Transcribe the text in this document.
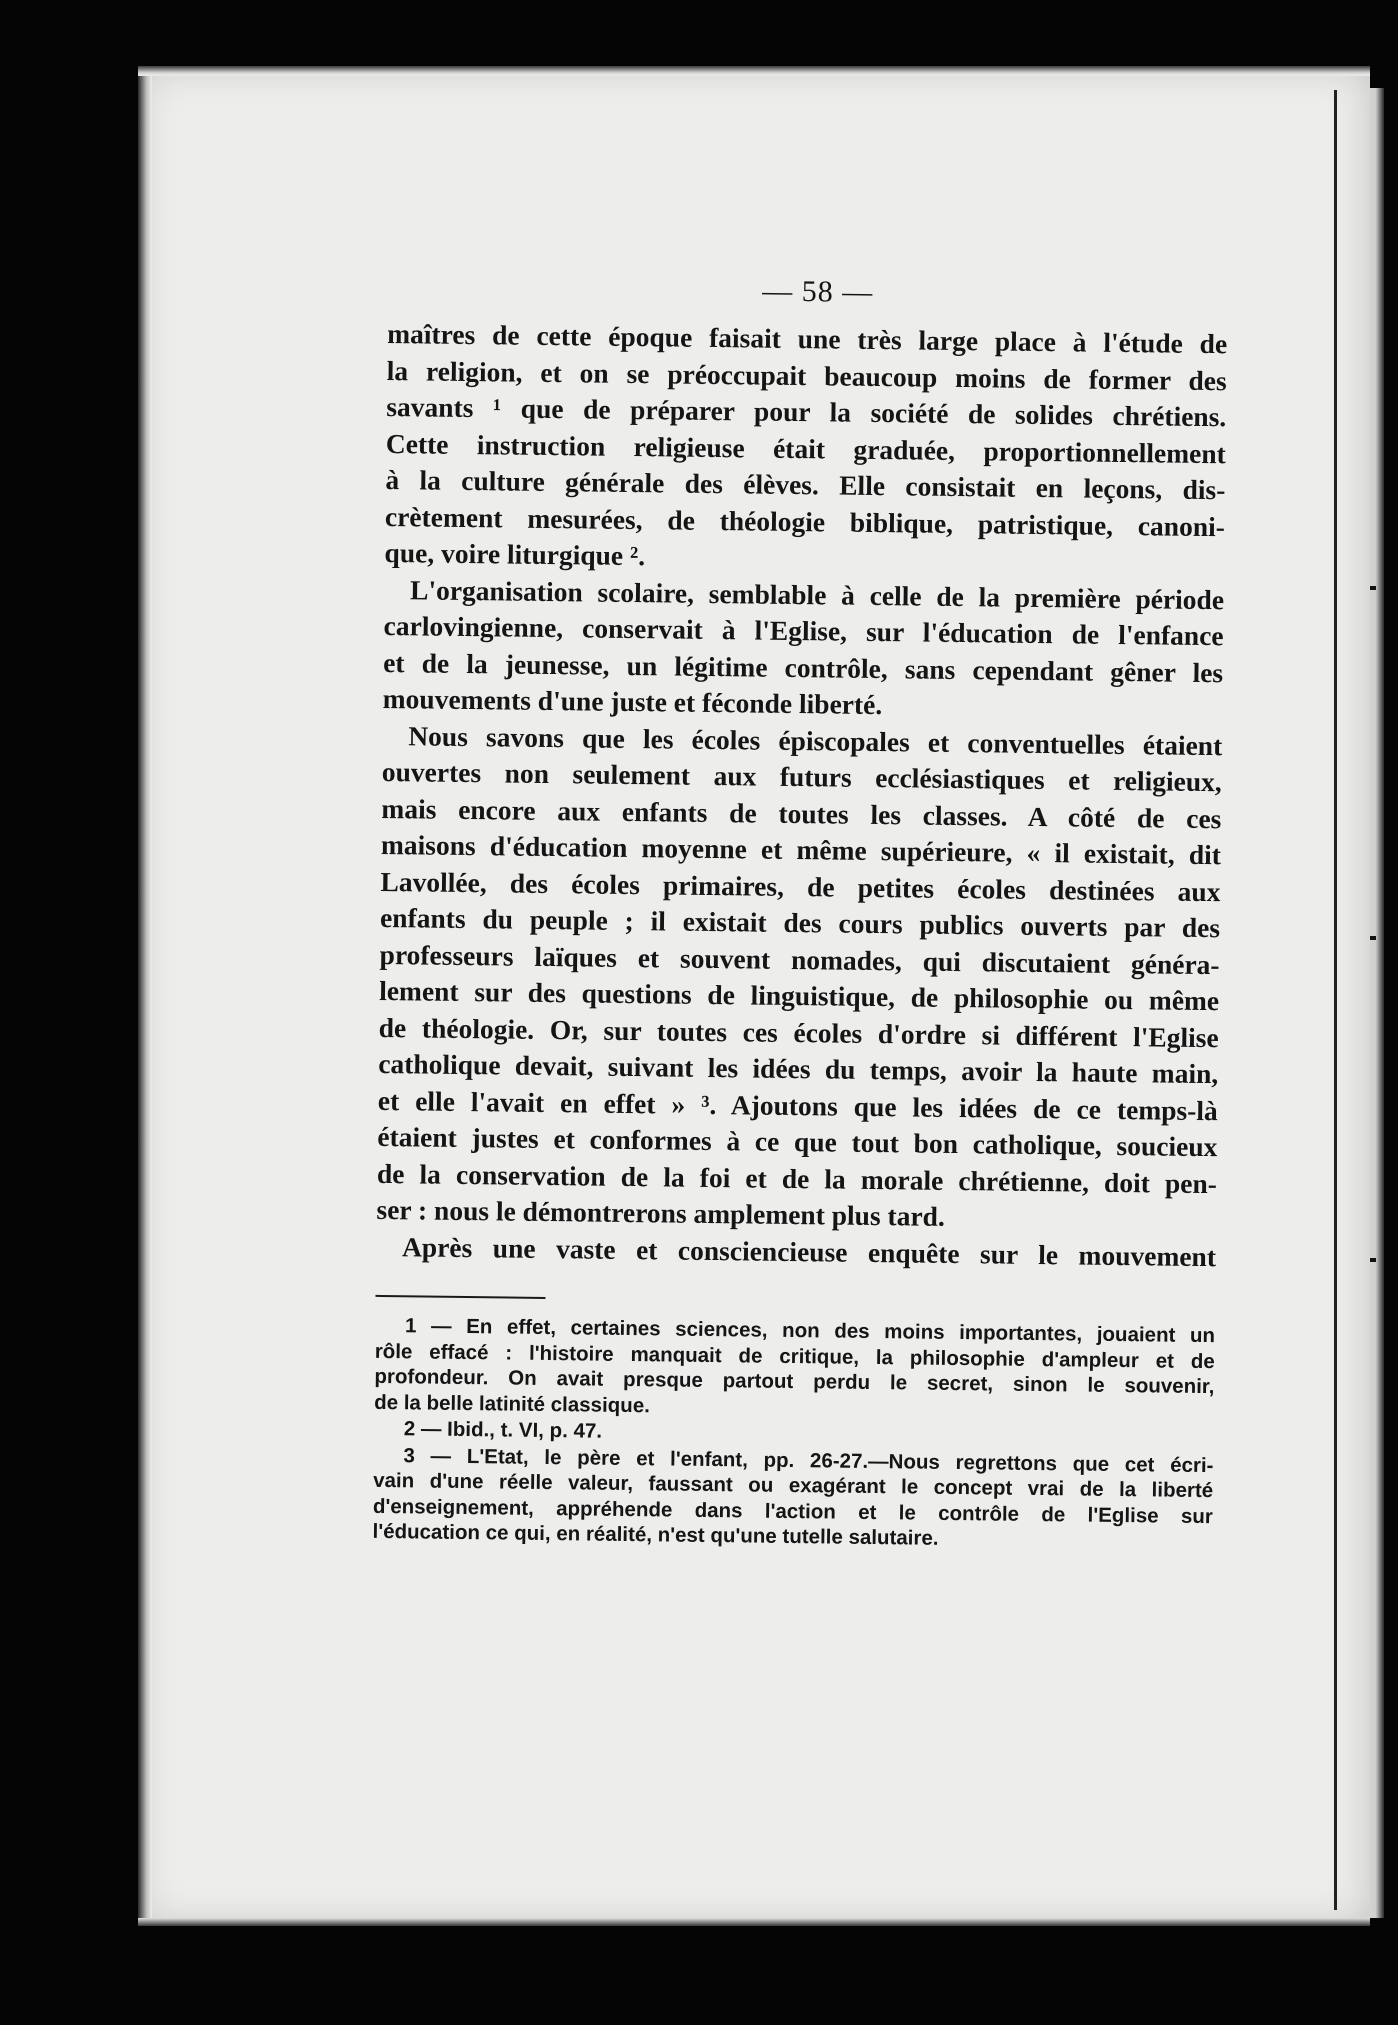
— 58 —
maîtres de cette époque faisait une très large place à l'étude de
la religion, et on se préoccupait beaucoup moins de former des
savants ¹ que de préparer pour la société de solides chrétiens.
Cette instruction religieuse était graduée, proportionnellement
à la culture générale des élèves. Elle consistait en leçons, dis-
crètement mesurées, de théologie biblique, patristique, canoni-
que, voire liturgique ².
L'organisation scolaire, semblable à celle de la première période
carlovingienne, conservait à l'Eglise, sur l'éducation de l'enfance
et de la jeunesse, un légitime contrôle, sans cependant gêner les
mouvements d'une juste et féconde liberté.
Nous savons que les écoles épiscopales et conventuelles étaient
ouvertes non seulement aux futurs ecclésiastiques et religieux,
mais encore aux enfants de toutes les classes. A côté de ces
maisons d'éducation moyenne et même supérieure, « il existait, dit
Lavollée, des écoles primaires, de petites écoles destinées aux
enfants du peuple ; il existait des cours publics ouverts par des
professeurs laïques et souvent nomades, qui discutaient généra-
lement sur des questions de linguistique, de philosophie ou même
de théologie. Or, sur toutes ces écoles d'ordre si différent l'Eglise
catholique devait, suivant les idées du temps, avoir la haute main,
et elle l'avait en effet » ³. Ajoutons que les idées de ce temps-là
étaient justes et conformes à ce que tout bon catholique, soucieux
de la conservation de la foi et de la morale chrétienne, doit pen-
ser : nous le démontrerons amplement plus tard.
Après une vaste et consciencieuse enquête sur le mouvement
1 — En effet, certaines sciences, non des moins importantes, jouaient un
rôle effacé : l'histoire manquait de critique, la philosophie d'ampleur et de
profondeur. On avait presque partout perdu le secret, sinon le souvenir,
de la belle latinité classique.
2 — Ibid., t. VI, p. 47.
3 — L'Etat, le père et l'enfant, pp. 26-27.—Nous regrettons que cet écri-
vain d'une réelle valeur, faussant ou exagérant le concept vrai de la liberté
d'enseignement, appréhende dans l'action et le contrôle de l'Eglise sur
l'éducation ce qui, en réalité, n'est qu'une tutelle salutaire.
